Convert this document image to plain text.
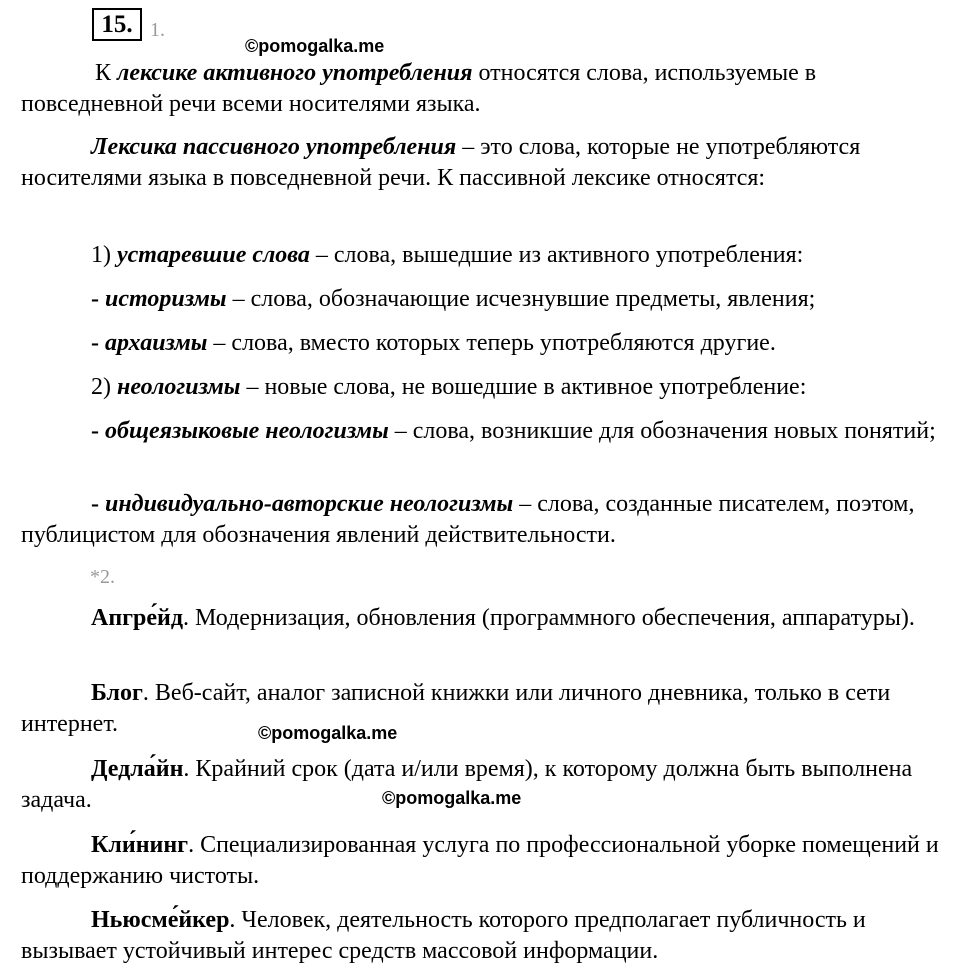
15. 1.
©pomogalka.me

К лексике активного употребления относятся слова, используемые в повседневной речи всеми носителями языка.

Лексика пассивного употребления – это слова, которые не употребляются носителями языка в повседневной речи. К пассивной лексике относятся:

1) устаревшие слова – слова, вышедшие из активного употребления:

- историзмы – слова, обозначающие исчезнувшие предметы, явления;

- архаизмы – слова, вместо которых теперь употребляются другие.

2) неологизмы – новые слова, не вошедшие в активное употребление:

- общеязыковые неологизмы – слова, возникшие для обозначения новых понятий;

- индивидуально-авторские неологизмы – слова, созданные писателем, поэтом, публицистом для обозначения явлений действительности.

*2.

Апгре́йд. Модернизация, обновления (программного обеспечения, аппаратуры).

Блог. Веб-сайт, аналог записной книжки или личного дневника, только в сети интернет.	©pomogalka.me

Дедла́йн. Крайний срок (дата и/или время), к которому должна быть выполнена задача.	©pomogalka.me

Кли́нинг. Специализированная услуга по профессиональной уборке помещений и поддержанию чистоты.

Ньюсме́йкер. Человек, деятельность которого предполагает публичность и вызывает устойчивый интерес средств массовой информации.
